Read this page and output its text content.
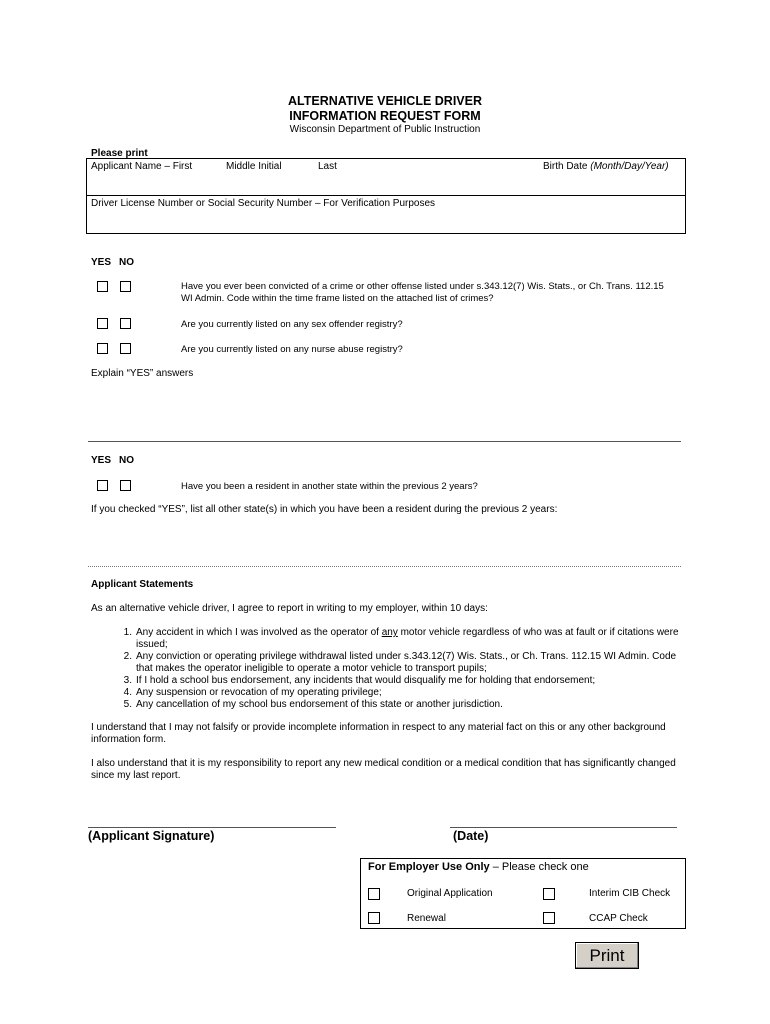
ALTERNATIVE VEHICLE DRIVER
INFORMATION REQUEST FORM
Wisconsin Department of Public Instruction
Please print
Applicant Name – First	Middle Initial	Last	Birth Date (Month/Day/Year)
Driver License Number or Social Security Number – For Verification Purposes
YES NO
Have you ever been convicted of a crime or other offense listed under s.343.12(7) Wis. Stats., or Ch. Trans. 112.15 WI Admin. Code within the time frame listed on the attached list of crimes?
Are you currently listed on any sex offender registry?
Are you currently listed on any nurse abuse registry?
Explain “YES” answers
YES NO
Have you been a resident in another state within the previous 2 years?
If you checked “YES”, list all other state(s) in which you have been a resident during the previous 2 years:
Applicant Statements
As an alternative vehicle driver, I agree to report in writing to my employer, within 10 days:
1. Any accident in which I was involved as the operator of any motor vehicle regardless of who was at fault or if citations were issued;
2. Any conviction or operating privilege withdrawal listed under s.343.12(7) Wis. Stats., or Ch. Trans. 112.15 WI Admin. Code that makes the operator ineligible to operate a motor vehicle to transport pupils;
3. If I hold a school bus endorsement, any incidents that would disqualify me for holding that endorsement;
4. Any suspension or revocation of my operating privilege;
5. Any cancellation of my school bus endorsement of this state or another jurisdiction.
I understand that I may not falsify or provide incomplete information in respect to any material fact on this or any other background information form.
I also understand that it is my responsibility to report any new medical condition or a medical condition that has significantly changed since my last report.
(Applicant Signature)	(Date)
For Employer Use Only – Please check one
Original Application	Interim CIB Check
Renewal	CCAP Check
Print
